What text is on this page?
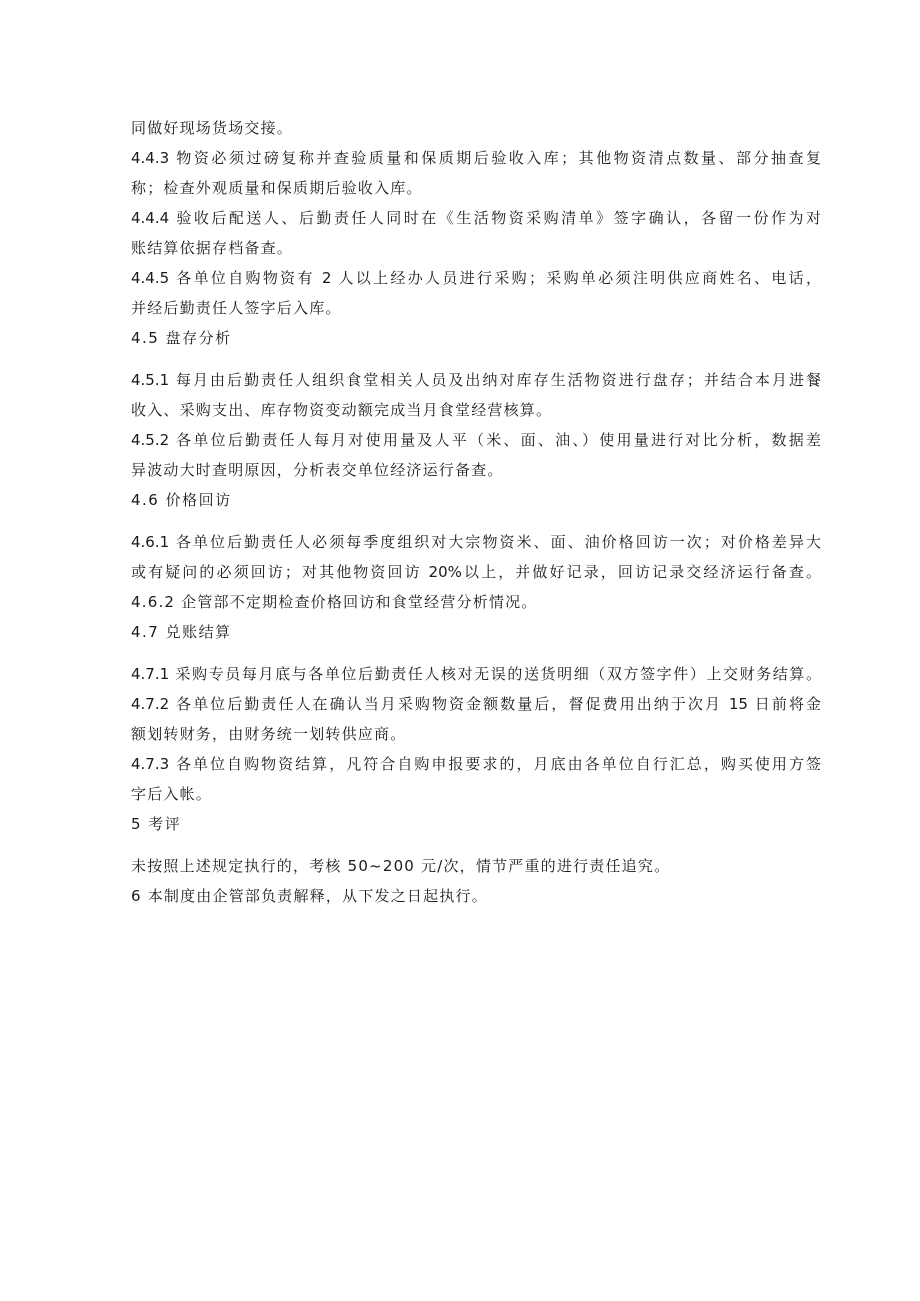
同做好现场货场交接。
4.4.3 物资必须过磅复称并查验质量和保质期后验收入库；其他物资清点数量、部分抽查复
称；检查外观质量和保质期后验收入库。
4.4.4 验收后配送人、后勤责任人同时在《生活物资采购清单》签字确认，各留一份作为对
账结算依据存档备查。
4.4.5 各单位自购物资有 2 人以上经办人员进行采购；采购单必须注明供应商姓名、电话，
并经后勤责任人签字后入库。
4.5 盘存分析
4.5.1 每月由后勤责任人组织食堂相关人员及出纳对库存生活物资进行盘存；并结合本月进餐
收入、采购支出、库存物资变动额完成当月食堂经营核算。
4.5.2 各单位后勤责任人每月对使用量及人平（米、面、油、）使用量进行对比分析，数据差
异波动大时查明原因，分析表交单位经济运行备查。
4.6 价格回访
4.6.1 各单位后勤责任人必须每季度组织对大宗物资米、面、油价格回访一次；对价格差异大
或有疑问的必须回访；对其他物资回访 20%以上，并做好记录，回访记录交经济运行备查。
4.6.2 企管部不定期检查价格回访和食堂经营分析情况。
4.7 兑账结算
4.7.1 采购专员每月底与各单位后勤责任人核对无误的送货明细（双方签字件）上交财务结算。
4.7.2 各单位后勤责任人在确认当月采购物资金额数量后，督促费用出纳于次月 15 日前将金
额划转财务，由财务统一划转供应商。
4.7.3 各单位自购物资结算，凡符合自购申报要求的，月底由各单位自行汇总，购买使用方签
字后入帐。
5 考评
未按照上述规定执行的，考核 50~200 元/次，情节严重的进行责任追究。
6 本制度由企管部负责解释，从下发之日起执行。
